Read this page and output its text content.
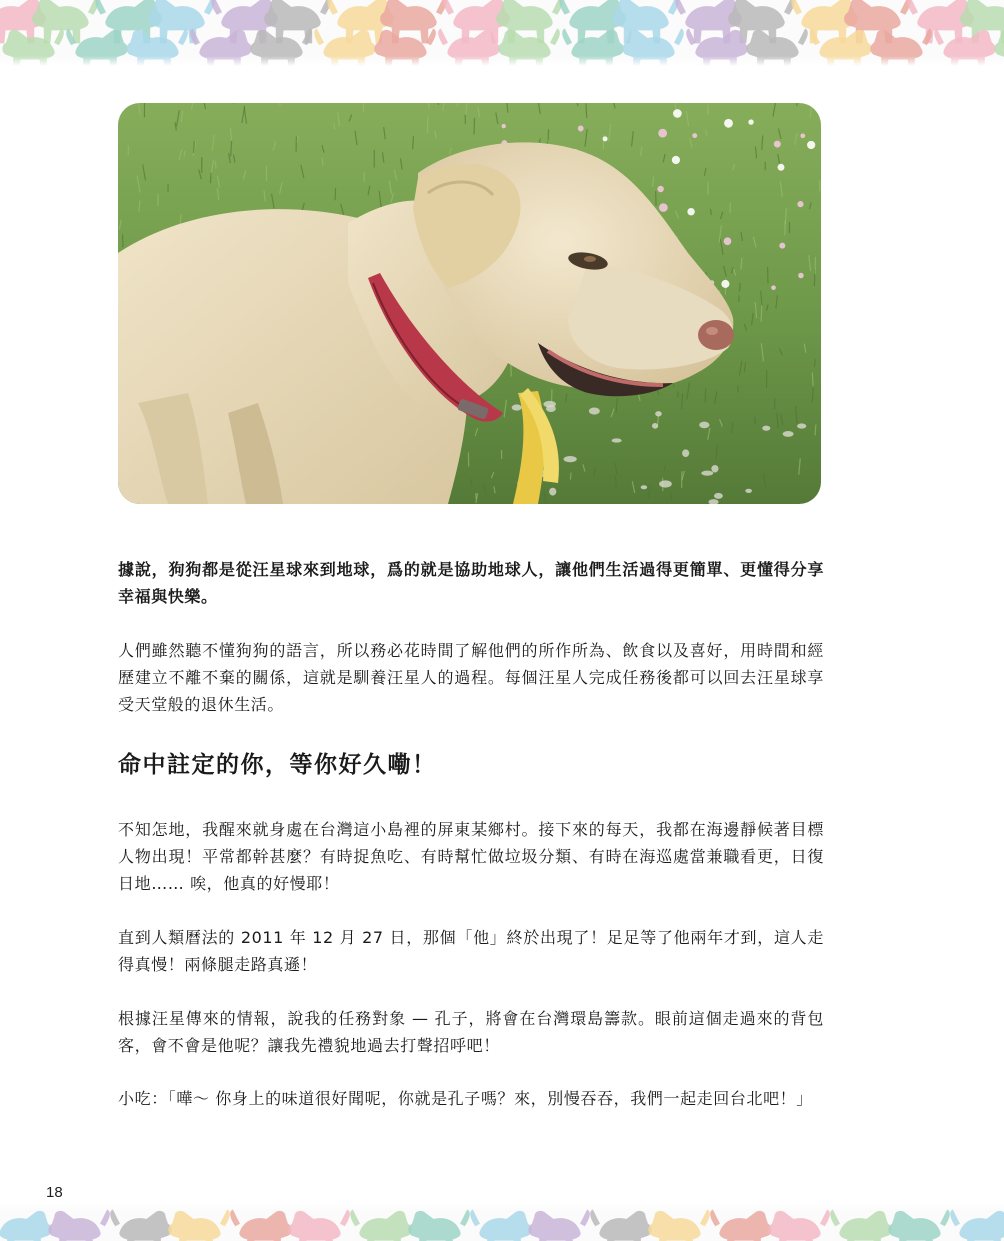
據說，狗狗都是從汪星球來到地球，爲的就是協助地球人，讓他們生活過得更簡單、更懂得分享幸福與快樂。

人們雖然聽不懂狗狗的語言，所以務必花時間了解他們的所作所為、飲食以及喜好，用時間和經歷建立不離不棄的關係，這就是馴養汪星人的過程。每個汪星人完成任務後都可以回去汪星球享受天堂般的退休生活。

命中註定的你，等你好久嘞！

不知怎地，我醒來就身處在台灣這小島裡的屏東某鄉村。接下來的每天，我都在海邊靜候著目標人物出現！平常都幹甚麼？有時捉魚吃、有時幫忙做垃圾分類、有時在海巡處當兼職看更，日復日地…… 唉，他真的好慢耶！

直到人類曆法的 2011 年 12 月 27 日，那個「他」終於出現了！足足等了他兩年才到，這人走得真慢！兩條腿走路真遜！

根據汪星傳來的情報，說我的任務對象 — 孔子，將會在台灣環島籌款。眼前這個走過來的背包客，會不會是他呢？讓我先禮貌地過去打聲招呼吧！

小吃：「嘩～ 你身上的味道很好聞呢，你就是孔子嗎？來，別慢吞吞，我們一起走回台北吧！」

18
